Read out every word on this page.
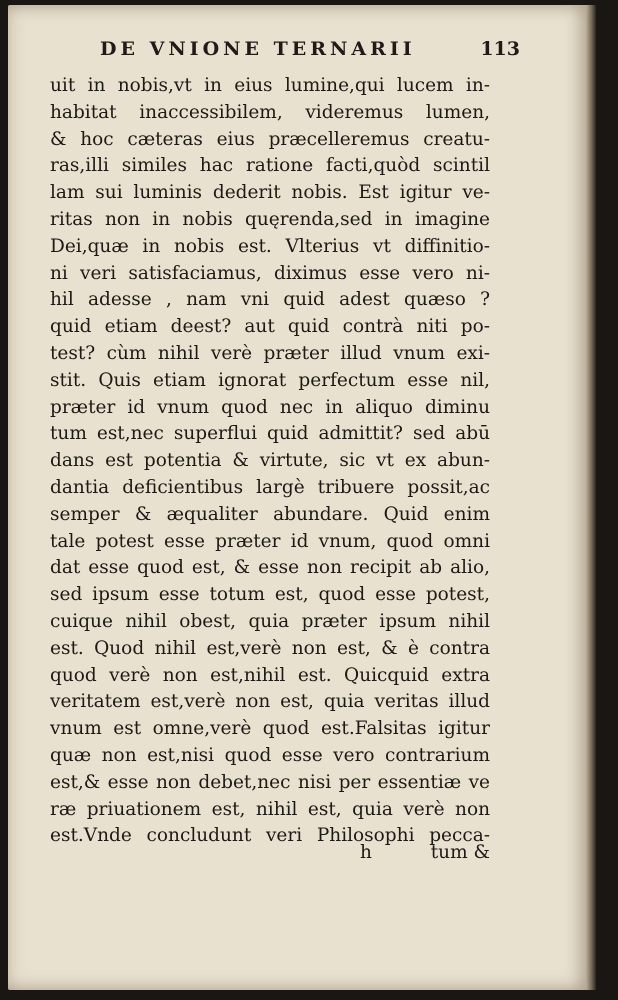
DE VNIONE TERNARII	113
uit in nobis,vt in eius lumine,qui lucem in-
habitat inaccessibilem, videremus lumen,
& hoc cæteras eius præcelleremus creatu-
ras,illi similes hac ratione facti,quòd scintil
lam sui luminis dederit nobis. Est igitur ve-
ritas non in nobis quęrenda,sed in imagine
Dei,quæ in nobis est. Vlterius vt diffinitio-
ni veri satisfaciamus, diximus esse vero ni-
hil adesse , nam vni quid adest quæso ?
quid etiam deest? aut quid contrà niti po-
test? cùm nihil verè præter illud vnum exi-
stit. Quis etiam ignorat perfectum esse nil,
præter id vnum quod nec in aliquo diminu
tum est,nec superflui quid admittit? sed abū
dans est potentia & virtute, sic vt ex abun-
dantia deficientibus largè tribuere possit,ac
semper & æqualiter abundare. Quid enim
tale potest esse præter id vnum, quod omni
dat esse quod est, & esse non recipit ab alio,
sed ipsum esse totum est, quod esse potest,
cuique nihil obest, quia præter ipsum nihil
est. Quod nihil est,verè non est, & è contra
quod verè non est,nihil est. Quicquid extra
veritatem est,verè non est, quia veritas illud
vnum est omne,verè quod est.Falsitas igitur
quæ non est,nisi quod esse vero contrarium
est,& esse non debet,nec nisi per essentiæ ve
ræ priuationem est, nihil est, quia verè non
est.Vnde concludunt veri Philosophi pecca-
h	tum &
